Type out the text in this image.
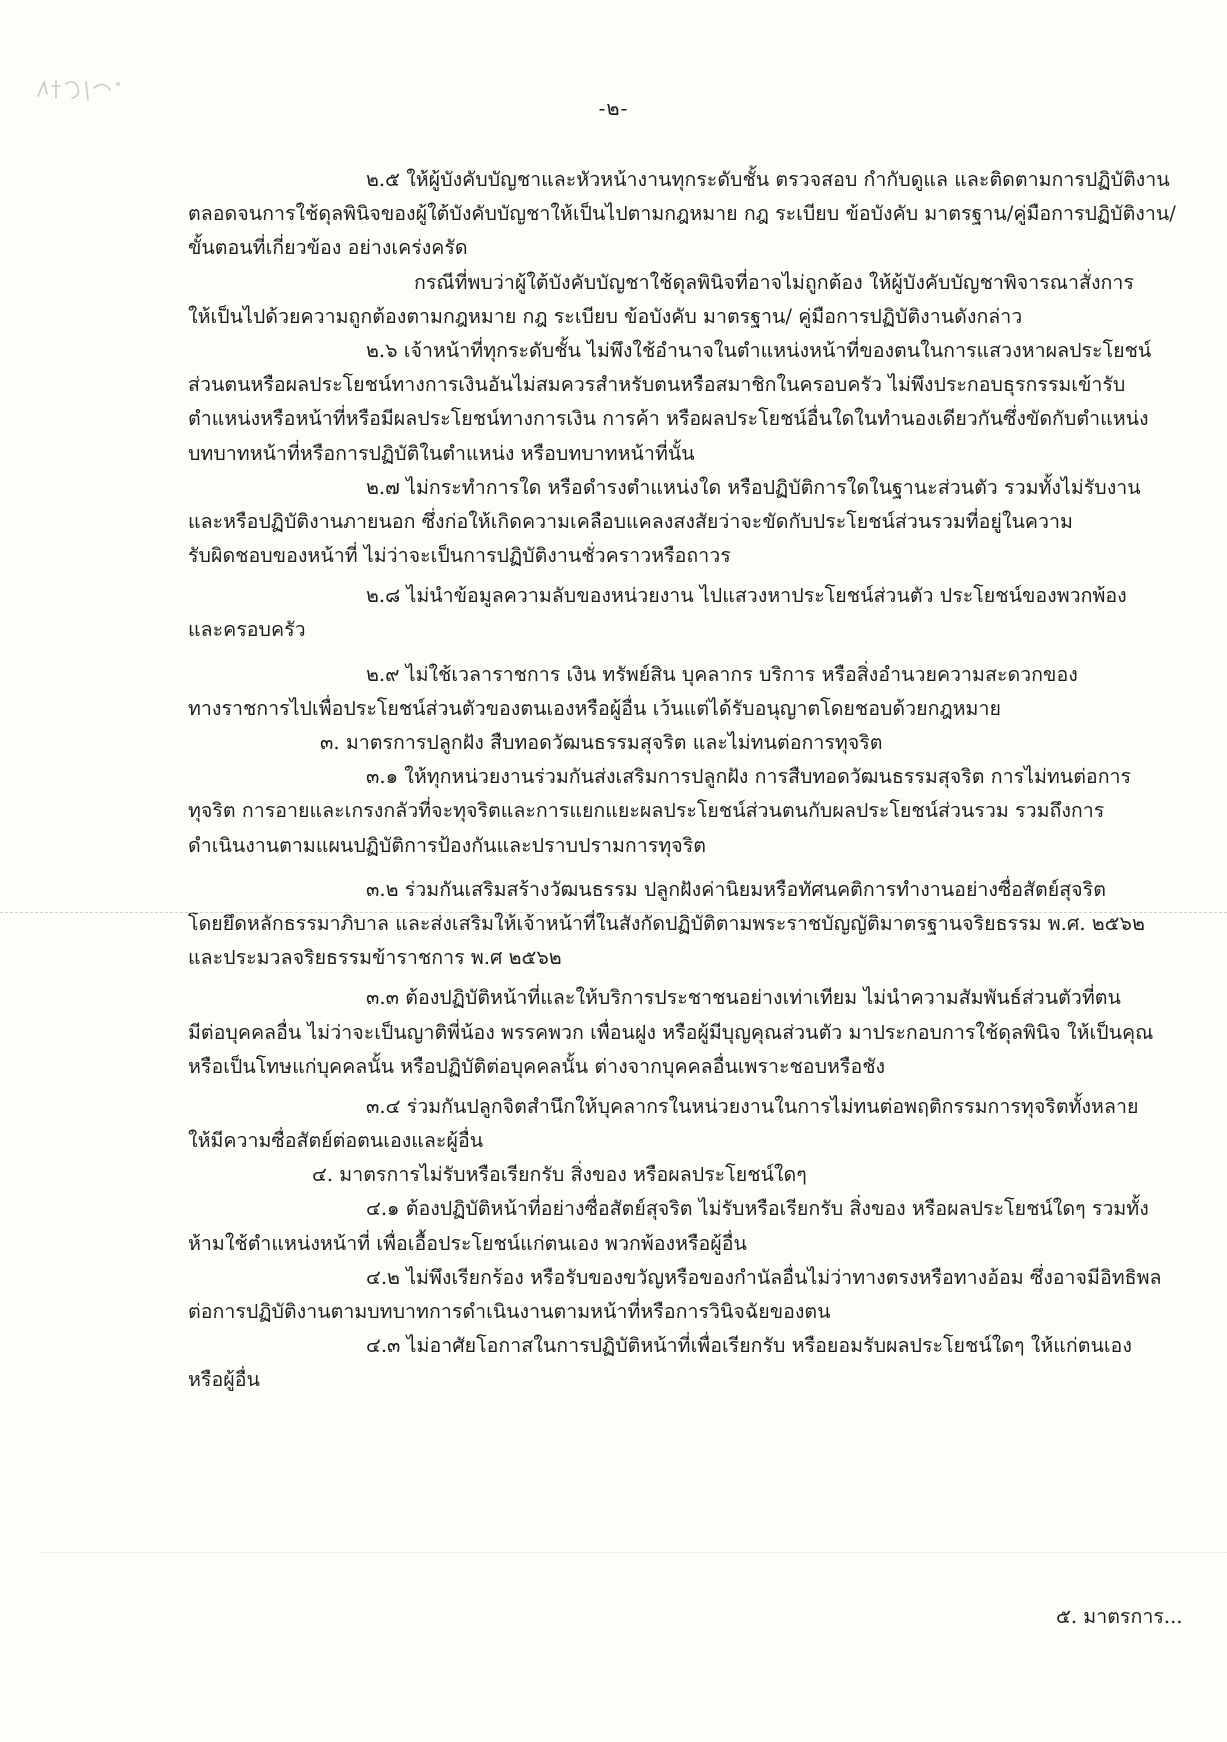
-๒-
๒.๕ ให้ผู้บังคับบัญชาและหัวหน้างานทุกระดับชั้น ตรวจสอบ กำกับดูแล และติดตามการปฏิบัติงาน
ตลอดจนการใช้ดุลพินิจของผู้ใต้บังคับบัญชาให้เป็นไปตามกฎหมาย กฎ ระเบียบ ข้อบังคับ มาตรฐาน/คู่มือการปฏิบัติงาน/
ขั้นตอนที่เกี่ยวข้อง อย่างเคร่งครัด
กรณีที่พบว่าผู้ใต้บังคับบัญชาใช้ดุลพินิจที่อาจไม่ถูกต้อง ให้ผู้บังคับบัญชาพิจารณาสั่งการ
ให้เป็นไปด้วยความถูกต้องตามกฎหมาย กฎ ระเบียบ ข้อบังคับ มาตรฐาน/ คู่มือการปฏิบัติงานดังกล่าว
๒.๖ เจ้าหน้าที่ทุกระดับชั้น ไม่พึงใช้อำนาจในตำแหน่งหน้าที่ของตนในการแสวงหาผลประโยชน์
ส่วนตนหรือผลประโยชน์ทางการเงินอันไม่สมควรสำหรับตนหรือสมาชิกในครอบครัว ไม่พึงประกอบธุรกรรมเข้ารับ
ตำแหน่งหรือหน้าที่หรือมีผลประโยชน์ทางการเงิน การค้า หรือผลประโยชน์อื่นใดในทำนองเดียวกันซึ่งขัดกับตำแหน่ง
บทบาทหน้าที่หรือการปฏิบัติในตำแหน่ง หรือบทบาทหน้าที่นั้น
๒.๗ ไม่กระทำการใด หรือดำรงตำแหน่งใด หรือปฏิบัติการใดในฐานะส่วนตัว รวมทั้งไม่รับงาน
และหรือปฏิบัติงานภายนอก ซึ่งก่อให้เกิดความเคลือบแคลงสงสัยว่าจะขัดกับประโยชน์ส่วนรวมที่อยู่ในความ
รับผิดชอบของหน้าที่ ไม่ว่าจะเป็นการปฏิบัติงานชั่วคราวหรือถาวร
๒.๘ ไม่นำข้อมูลความลับของหน่วยงาน ไปแสวงหาประโยชน์ส่วนตัว ประโยชน์ของพวกพ้อง
และครอบครัว
๒.๙ ไม่ใช้เวลาราชการ เงิน ทรัพย์สิน บุคลากร บริการ หรือสิ่งอำนวยความสะดวกของ
ทางราชการไปเพื่อประโยชน์ส่วนตัวของตนเองหรือผู้อื่น เว้นแต่ได้รับอนุญาตโดยชอบด้วยกฎหมาย
๓. มาตรการปลูกฝัง สืบทอดวัฒนธรรมสุจริต และไม่ทนต่อการทุจริต
๓.๑ ให้ทุกหน่วยงานร่วมกันส่งเสริมการปลูกฝัง การสืบทอดวัฒนธรรมสุจริต การไม่ทนต่อการ
ทุจริต การอายและเกรงกลัวที่จะทุจริตและการแยกแยะผลประโยชน์ส่วนตนกับผลประโยชน์ส่วนรวม รวมถึงการ
ดำเนินงานตามแผนปฏิบัติการป้องกันและปราบปรามการทุจริต
๓.๒ ร่วมกันเสริมสร้างวัฒนธรรม ปลูกฝังค่านิยมหรือทัศนคติการทำงานอย่างซื่อสัตย์สุจริต
โดยยึดหลักธรรมาภิบาล และส่งเสริมให้เจ้าหน้าที่ในสังกัดปฏิบัติตามพระราชบัญญัติมาตรฐานจริยธรรม พ.ศ. ๒๕๖๒
และประมวลจริยธรรมข้าราชการ พ.ศ ๒๕๖๒
๓.๓ ต้องปฏิบัติหน้าที่และให้บริการประชาชนอย่างเท่าเทียม ไม่นำความสัมพันธ์ส่วนตัวที่ตน
มีต่อบุคคลอื่น ไม่ว่าจะเป็นญาติพี่น้อง พรรคพวก เพื่อนฝูง หรือผู้มีบุญคุณส่วนตัว มาประกอบการใช้ดุลพินิจ ให้เป็นคุณ
หรือเป็นโทษแก่บุคคลนั้น หรือปฏิบัติต่อบุคคลนั้น ต่างจากบุคคลอื่นเพราะชอบหรือชัง
๓.๔ ร่วมกันปลูกจิตสำนึกให้บุคลากรในหน่วยงานในการไม่ทนต่อพฤติกรรมการทุจริตทั้งหลาย
ให้มีความซื่อสัตย์ต่อตนเองและผู้อื่น
๔. มาตรการไม่รับหรือเรียกรับ สิ่งของ หรือผลประโยชน์ใดๆ
๔.๑ ต้องปฏิบัติหน้าที่อย่างซื่อสัตย์สุจริต ไม่รับหรือเรียกรับ สิ่งของ หรือผลประโยชน์ใดๆ รวมทั้ง
ห้ามใช้ตำแหน่งหน้าที่ เพื่อเอื้อประโยชน์แก่ตนเอง พวกพ้องหรือผู้อื่น
๔.๒ ไม่พึงเรียกร้อง หรือรับของขวัญหรือของกำนัลอื่นไม่ว่าทางตรงหรือทางอ้อม ซึ่งอาจมีอิทธิพล
ต่อการปฏิบัติงานตามบทบาทการดำเนินงานตามหน้าที่หรือการวินิจฉัยของตน
๔.๓ ไม่อาศัยโอกาสในการปฏิบัติหน้าที่เพื่อเรียกรับ หรือยอมรับผลประโยชน์ใดๆ ให้แก่ตนเอง
หรือผู้อื่น
๕. มาตรการ...
